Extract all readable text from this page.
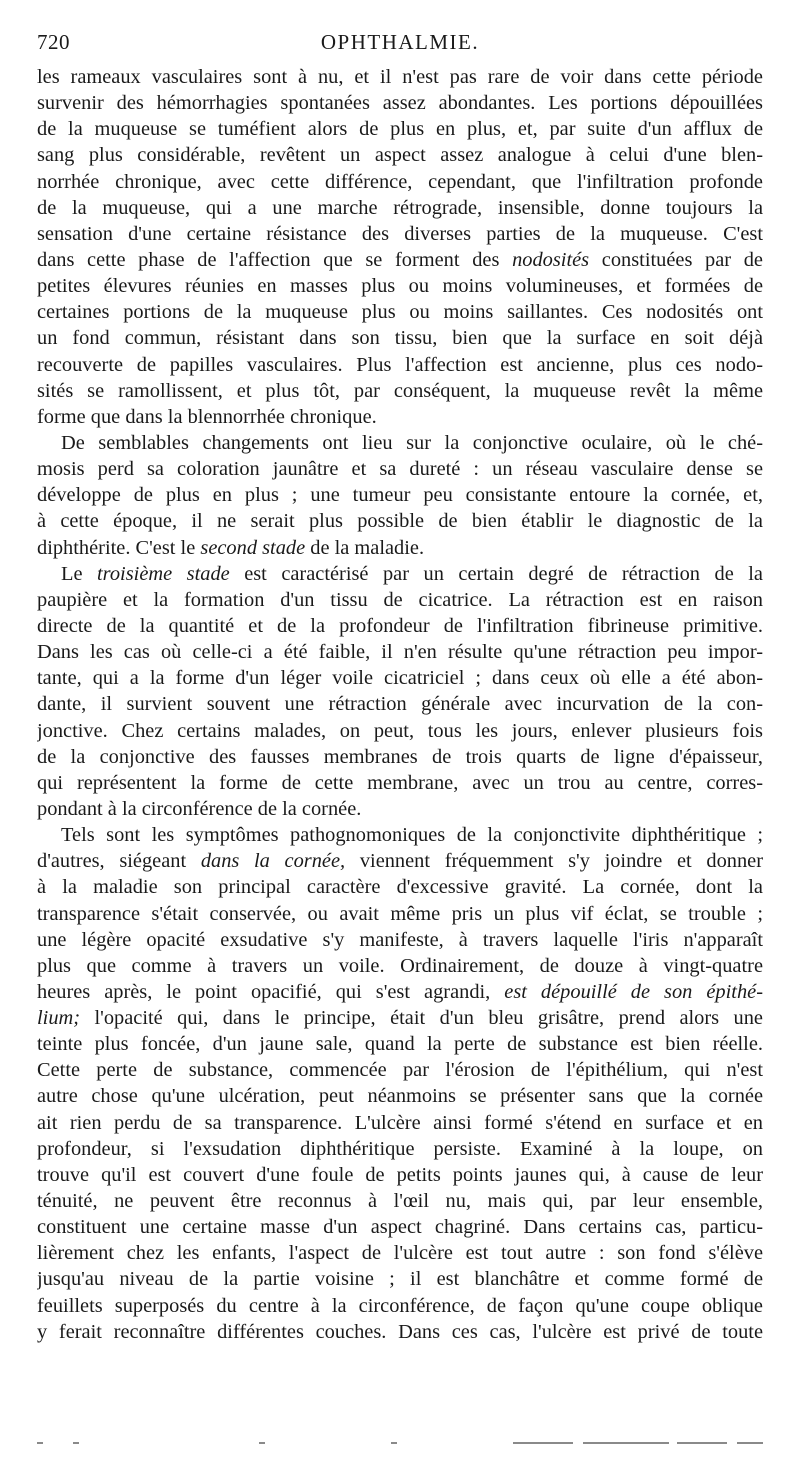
720	OPHTHALMIE.
les rameaux vasculaires sont à nu, et il n'est pas rare de voir dans cette période
survenir des hémorrhagies spontanées assez abondantes. Les portions dépouillées
de la muqueuse se tuméfient alors de plus en plus, et, par suite d'un afflux de
sang plus considérable, revêtent un aspect assez analogue à celui d'une blen-
norrhée chronique, avec cette différence, cependant, que l'infiltration profonde
de la muqueuse, qui a une marche rétrograde, insensible, donne toujours la
sensation d'une certaine résistance des diverses parties de la muqueuse. C'est
dans cette phase de l'affection que se forment des nodosités constituées par de
petites élevures réunies en masses plus ou moins volumineuses, et formées de
certaines portions de la muqueuse plus ou moins saillantes. Ces nodosités ont
un fond commun, résistant dans son tissu, bien que la surface en soit déjà
recouverte de papilles vasculaires. Plus l'affection est ancienne, plus ces nodo-
sités se ramollissent, et plus tôt, par conséquent, la muqueuse revêt la même
forme que dans la blennorrhée chronique.
De semblables changements ont lieu sur la conjonctive oculaire, où le ché-
mosis perd sa coloration jaunâtre et sa dureté : un réseau vasculaire dense se
développe de plus en plus ; une tumeur peu consistante entoure la cornée, et,
à cette époque, il ne serait plus possible de bien établir le diagnostic de la
diphthérite. C'est le second stade de la maladie.
Le troisième stade est caractérisé par un certain degré de rétraction de la
paupière et la formation d'un tissu de cicatrice. La rétraction est en raison
directe de la quantité et de la profondeur de l'infiltration fibrineuse primitive.
Dans les cas où celle-ci a été faible, il n'en résulte qu'une rétraction peu impor-
tante, qui a la forme d'un léger voile cicatriciel ; dans ceux où elle a été abon-
dante, il survient souvent une rétraction générale avec incurvation de la con-
jonctive. Chez certains malades, on peut, tous les jours, enlever plusieurs fois
de la conjonctive des fausses membranes de trois quarts de ligne d'épaisseur,
qui représentent la forme de cette membrane, avec un trou au centre, corres-
pondant à la circonférence de la cornée.
Tels sont les symptômes pathognomoniques de la conjonctivite diphthéritique ;
d'autres, siégeant dans la cornée, viennent fréquemment s'y joindre et donner
à la maladie son principal caractère d'excessive gravité. La cornée, dont la
transparence s'était conservée, ou avait même pris un plus vif éclat, se trouble ;
une légère opacité exsudative s'y manifeste, à travers laquelle l'iris n'apparaît
plus que comme à travers un voile. Ordinairement, de douze à vingt-quatre
heures après, le point opacifié, qui s'est agrandi, est dépouillé de son épithé-
lium; l'opacité qui, dans le principe, était d'un bleu grisâtre, prend alors une
teinte plus foncée, d'un jaune sale, quand la perte de substance est bien réelle.
Cette perte de substance, commencée par l'érosion de l'épithélium, qui n'est
autre chose qu'une ulcération, peut néanmoins se présenter sans que la cornée
ait rien perdu de sa transparence. L'ulcère ainsi formé s'étend en surface et en
profondeur, si l'exsudation diphthéritique persiste. Examiné à la loupe, on
trouve qu'il est couvert d'une foule de petits points jaunes qui, à cause de leur
ténuité, ne peuvent être reconnus à l'œil nu, mais qui, par leur ensemble,
constituent une certaine masse d'un aspect chagriné. Dans certains cas, particu-
lièrement chez les enfants, l'aspect de l'ulcère est tout autre : son fond s'élève
jusqu'au niveau de la partie voisine ; il est blanchâtre et comme formé de
feuillets superposés du centre à la circonférence, de façon qu'une coupe oblique
y ferait reconnaître différentes couches. Dans ces cas, l'ulcère est privé de toute
